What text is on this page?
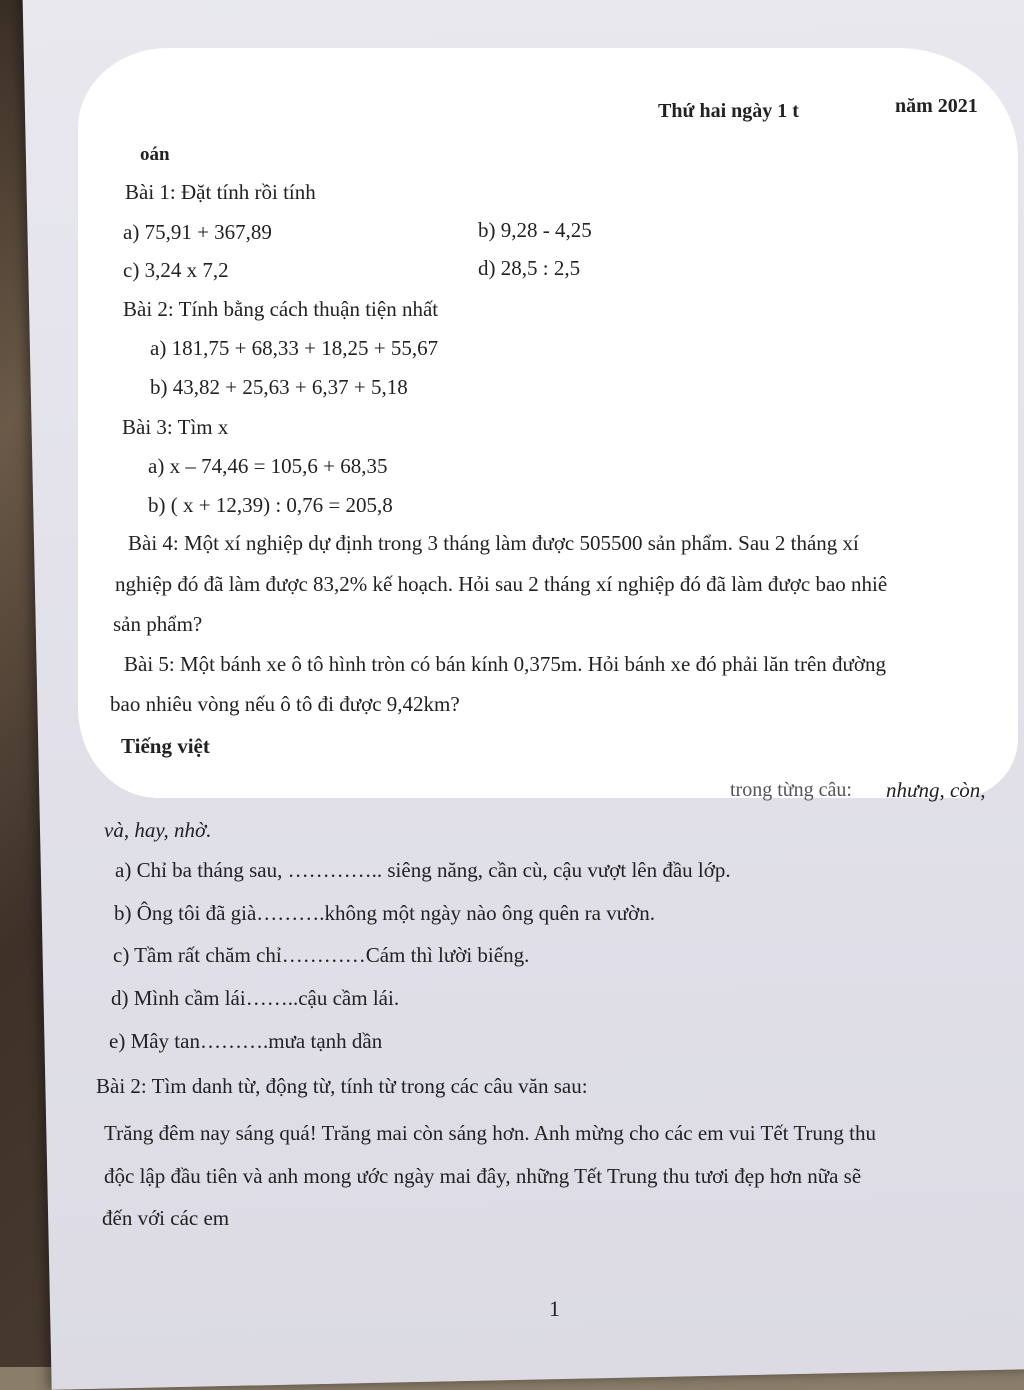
Thứ hai ngày 1 t	năm 2021
oán
Bài 1: Đặt tính rồi tính
a) 75,91 + 367,89	b) 9,28 - 4,25
c) 3,24 x 7,2	d) 28,5 : 2,5
Bài 2: Tính bằng cách thuận tiện nhất
a) 181,75 + 68,33 + 18,25 + 55,67
b) 43,82 + 25,63 + 6,37 + 5,18
Bài 3: Tìm x
a) x – 74,46 = 105,6 + 68,35
b) ( x + 12,39) : 0,76 = 205,8
Bài 4: Một xí nghiệp dự định trong 3 tháng làm được 505500 sản phẩm. Sau 2 tháng xí
nghiệp đó đã làm được 83,2% kế hoạch. Hỏi sau 2 tháng xí nghiệp đó đã làm được bao nhiê
sản phẩm?
Bài 5: Một bánh xe ô tô hình tròn có bán kính 0,375m. Hỏi bánh xe đó phải lăn trên đường
bao nhiêu vòng nếu ô tô đi được 9,42km?
Tiếng việt
trong từng câu: nhưng, còn,
và, hay, nhờ.
a) Chỉ ba tháng sau, ………….. siêng năng, cần cù, cậu vượt lên đầu lớp.
b) Ông tôi đã già……….không một ngày nào ông quên ra vườn.
c) Tầm rất chăm chỉ…………Cám thì lười biếng.
d) Mình cầm lái……..cậu cầm lái.
e) Mây tan……….mưa tạnh dần
Bài 2: Tìm danh từ, động từ, tính từ trong các câu văn sau:
Trăng đêm nay sáng quá! Trăng mai còn sáng hơn. Anh mừng cho các em vui Tết Trung thu
độc lập đầu tiên và anh mong ước ngày mai đây, những Tết Trung thu tươi đẹp hơn nữa sẽ
đến với các em
1
